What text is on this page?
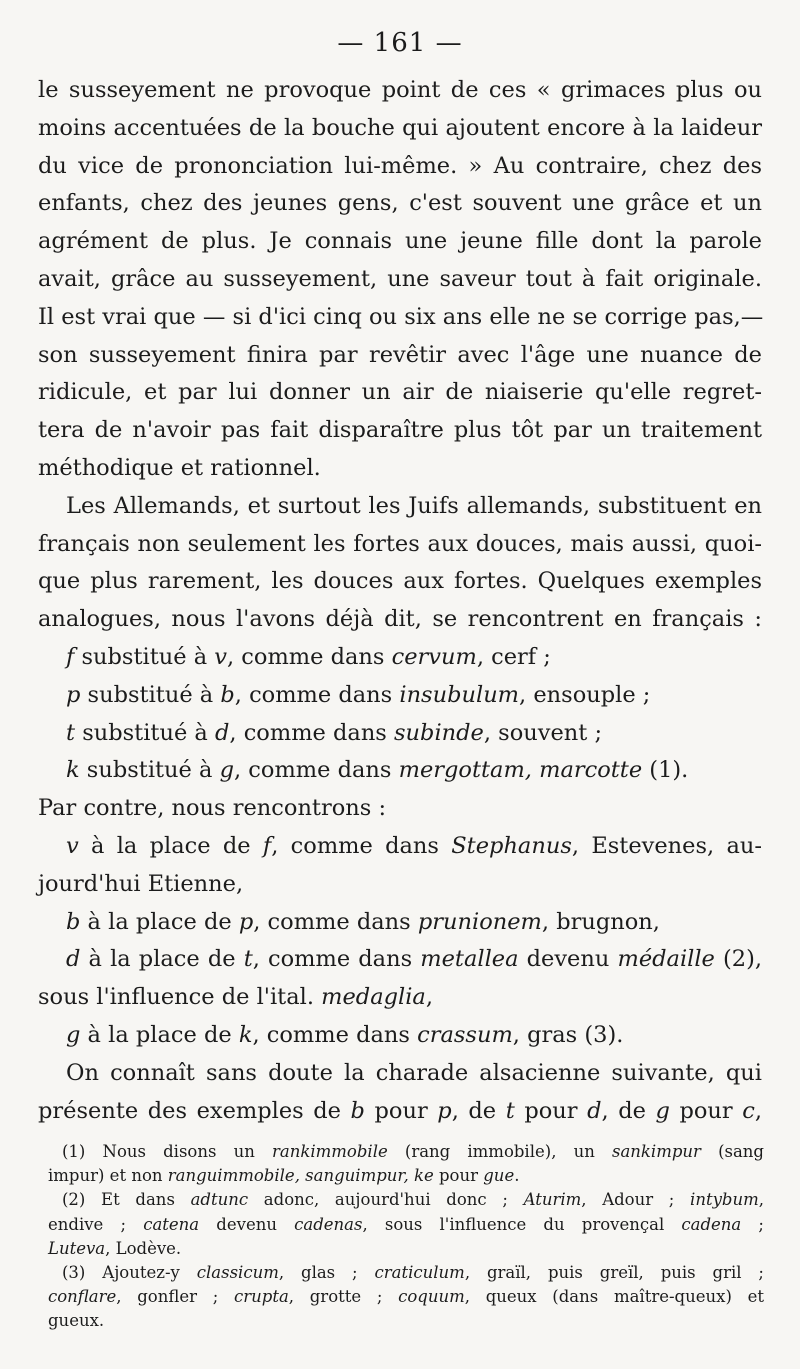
— 161 —

le susseyement ne provoque point de ces « grimaces plus ou
moins accentuées de la bouche qui ajoutent encore à la laideur
du vice de prononciation lui-même. » Au contraire, chez des
enfants, chez des jeunes gens, c'est souvent une grâce et un
agrément de plus. Je connais une jeune fille dont la parole
avait, grâce au susseyement, une saveur tout à fait originale.
Il est vrai que — si d'ici cinq ou six ans elle ne se corrige pas,—
son susseyement finira par revêtir avec l'âge une nuance de
ridicule, et par lui donner un air de niaiserie qu'elle regret-
tera de n'avoir pas fait disparaître plus tôt par un traitement
méthodique et rationnel.

Les Allemands, et surtout les Juifs allemands, substituent en
français non seulement les fortes aux douces, mais aussi, quoi-
que plus rarement, les douces aux fortes. Quelques exemples
analogues, nous l'avons déjà dit, se rencontrent en français :

f substitué à v, comme dans cervum, cerf ;
p substitué à b, comme dans insubulum, ensouple ;
t substitué à d, comme dans subinde, souvent ;
k substitué à g, comme dans mergottam, marcotte (1).
Par contre, nous rencontrons :
v à la place de f, comme dans Stephanus, Estevenes, au-
jourd'hui Etienne,
b à la place de p, comme dans prunionem, brugnon,
d à la place de t, comme dans metallea devenu médaille (2),
sous l'influence de l'ital. medaglia,
g à la place de k, comme dans crassum, gras (3).

On connaît sans doute la charade alsacienne suivante, qui
présente des exemples de b pour p, de t pour d, de g pour c,

(1) Nous disons un rankimmobile (rang immobile), un sankimpur (sang
impur) et non ranguimmobile, sanguimpur, ke pour gue.
(2) Et dans adtunc adonc, aujourd'hui donc ; Aturim, Adour ; intybum,
endive ; catena devenu cadenas, sous l'influence du provençal cadena ;
Luteva, Lodève.
(3) Ajoutez-y classicum, glas ; craticulum, graïl, puis greïl, puis gril ;
conflare, gonfler ; crupta, grotte ; coquum, queux (dans maître-queux) et
gueux.
